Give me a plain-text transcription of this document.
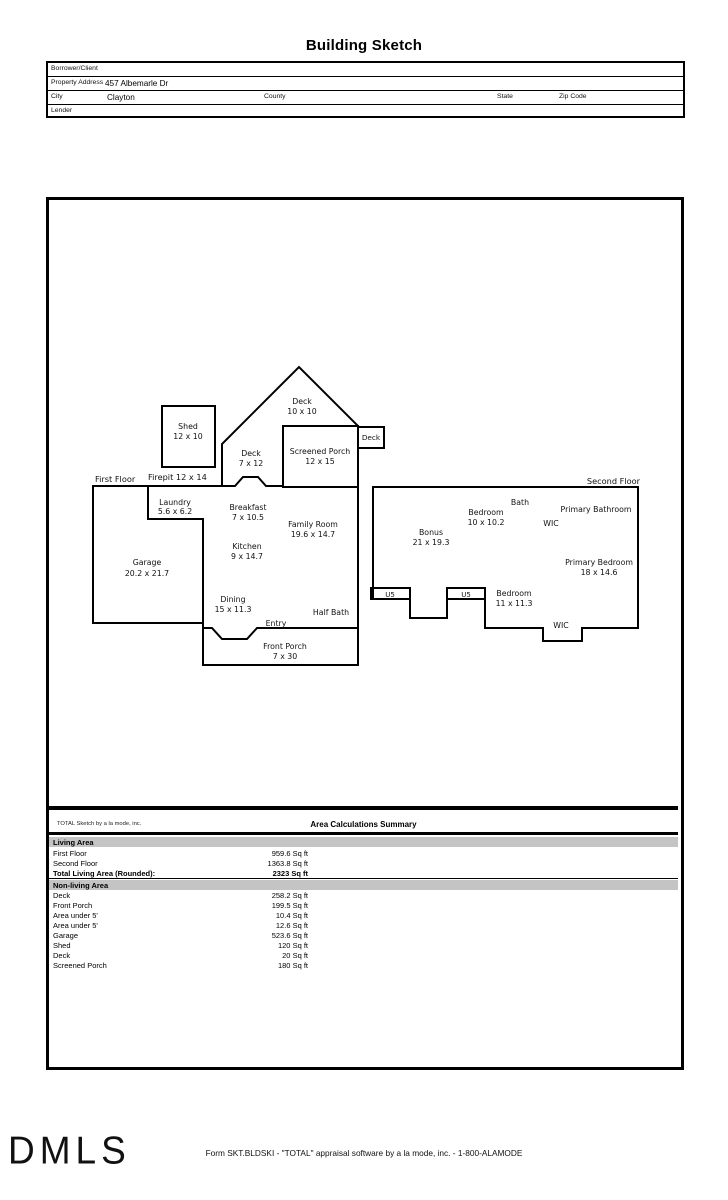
Building Sketch
Borrower/Client
Property Address 457 Albemarle Dr
City	Clayton	County	State	Zip Code
Lender
First Floor Firepit 12 x 14	Second Floor
Shed
12 x 10
Deck
10 x 10
Deck
7 x 12
Screened Porch
12 x 15
Deck
Laundry
5.6 x 6.2	Breakfast
7 x 10.5
Family Room
19.6 x 14.7
Kitchen
9 x 14.7
Garage
20.2 x 21.7
Dining
15 x 11.3	Half Bath
Entry
Front Porch
7 x 30
Bath
Bedroom
10 x 10.2
Primary Bathroom
WIC
Bonus
21 x 19.3
Primary Bedroom
18 x 14.6
Bedroom
11 x 11.3
WIC
U5	U5
TOTAL Sketch by a la mode, inc.	Area Calculations Summary
Living Area
First Floor	959.6 Sq ft
Second Floor	1363.8 Sq ft
Total Living Area (Rounded):	2323 Sq ft
Non-living Area
Deck	258.2 Sq ft
Front Porch	199.5 Sq ft
Area under 5'	10.4 Sq ft
Area under 5'	12.6 Sq ft
Garage	523.6 Sq ft
Shed	120 Sq ft
Deck	20 Sq ft
Screened Porch	180 Sq ft
DMLS	Form SKT.BLDSKI - "TOTAL" appraisal software by a la mode, inc. - 1-800-ALAMODE
